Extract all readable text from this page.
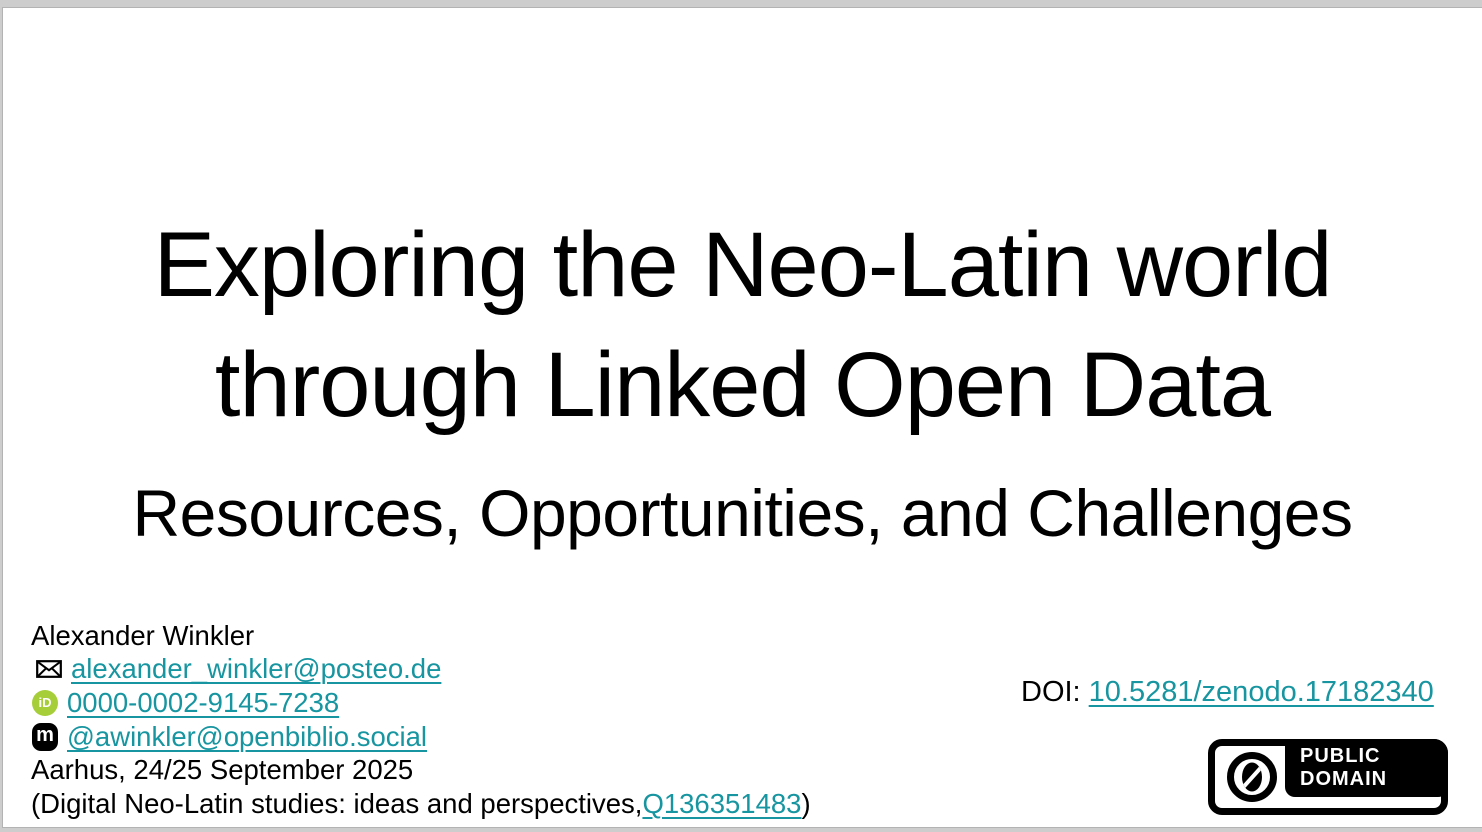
Exploring the Neo-Latin world
through Linked Open Data
Resources, Opportunities, and Challenges
Alexander Winkler
alexander_winkler@posteo.de
iD 0000-0002-9145-7238
m @awinkler@openbiblio.social
Aarhus, 24/25 September 2025
(Digital Neo-Latin studies: ideas and perspectives, Q136351483 )
DOI: 10.5281/zenodo.17182340
PUBLIC
DOMAIN
